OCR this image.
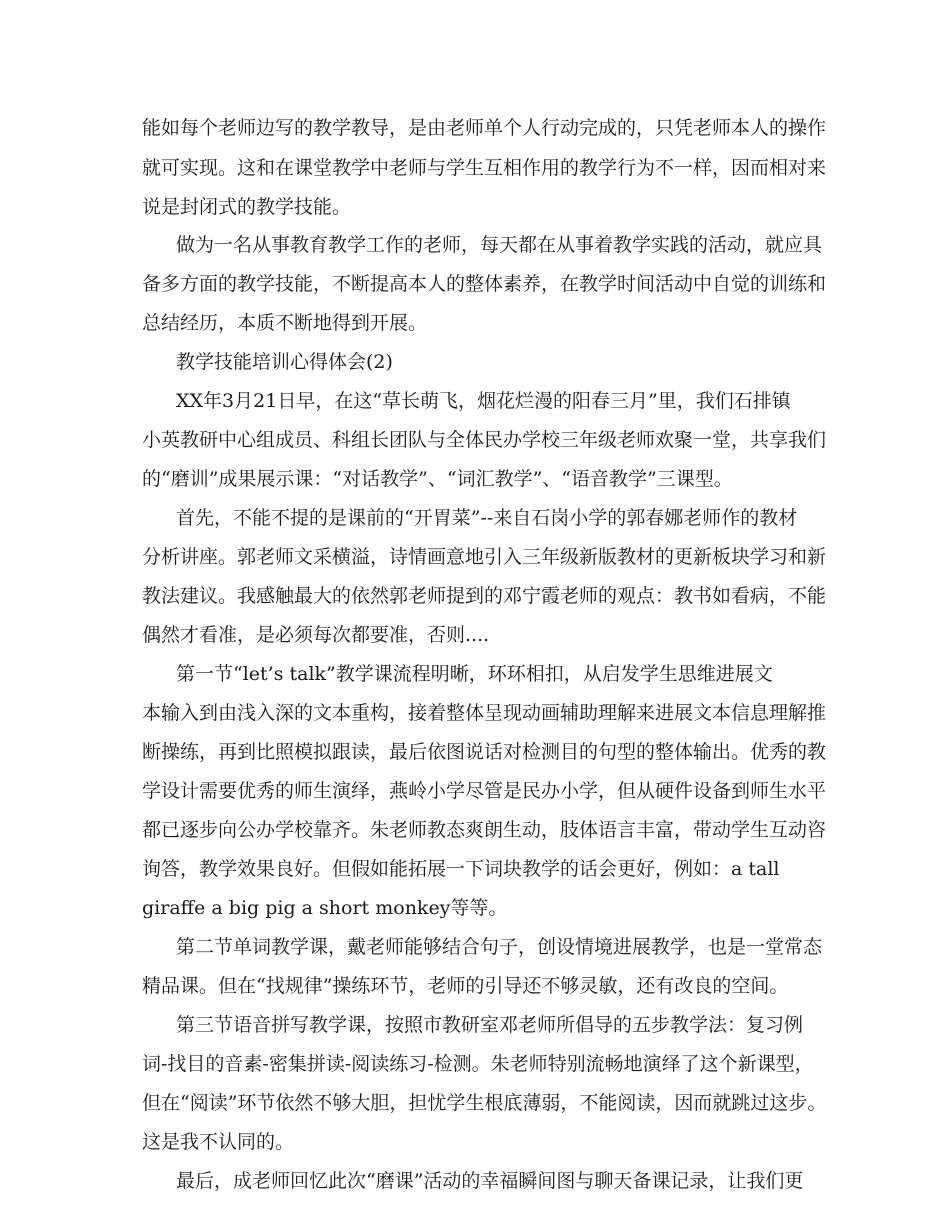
能如每个老师边写的教学教导，是由老师单个人行动完成的，只凭老师本人的操作
就可实现。这和在课堂教学中老师与学生互相作用的教学行为不一样，因而相对来
说是封闭式的教学技能。
做为一名从事教育教学工作的老师，每天都在从事着教学实践的活动，就应具
备多方面的教学技能，不断提高本人的整体素养，在教学时间活动中自觉的训练和
总结经历，本质不断地得到开展。
教学技能培训心得体会(2)
XX年3月21日早，在这“草长萌飞，烟花烂漫的阳春三月”里，我们石排镇
小英教研中心组成员、科组长团队与全体民办学校三年级老师欢聚一堂，共享我们
的“磨训”成果展示课：“对话教学”、“词汇教学”、“语音教学”三课型。
首先，不能不提的是课前的“开胃菜”--来自石岗小学的郭春娜老师作的教材
分析讲座。郭老师文采横溢，诗情画意地引入三年级新版教材的更新板块学习和新
教法建议。我感触最大的依然郭老师提到的邓宁霞老师的观点：教书如看病，不能
偶然才看准，是必须每次都要准，否则....
第一节“let’s talk”教学课流程明晰，环环相扣，从启发学生思维进展文
本输入到由浅入深的文本重构，接着整体呈现动画辅助理解来进展文本信息理解推
断操练，再到比照模拟跟读，最后依图说话对检测目的句型的整体输出。优秀的教
学设计需要优秀的师生演绎，燕岭小学尽管是民办小学，但从硬件设备到师生水平
都已逐步向公办学校靠齐。朱老师教态爽朗生动，肢体语言丰富，带动学生互动咨
询答，教学效果良好。但假如能拓展一下词块教学的话会更好，例如：a tall
giraffe a big pig a short monkey等等。
第二节单词教学课，戴老师能够结合句子，创设情境进展教学，也是一堂常态
精品课。但在“找规律”操练环节，老师的引导还不够灵敏，还有改良的空间。
第三节语音拼写教学课，按照市教研室邓老师所倡导的五步教学法：复习例
词-找目的音素-密集拼读-阅读练习-检测。朱老师特别流畅地演绎了这个新课型，
但在“阅读”环节依然不够大胆，担忧学生根底薄弱，不能阅读，因而就跳过这步。
这是我不认同的。
最后，成老师回忆此次“磨课”活动的幸福瞬间图与聊天备课记录，让我们更
